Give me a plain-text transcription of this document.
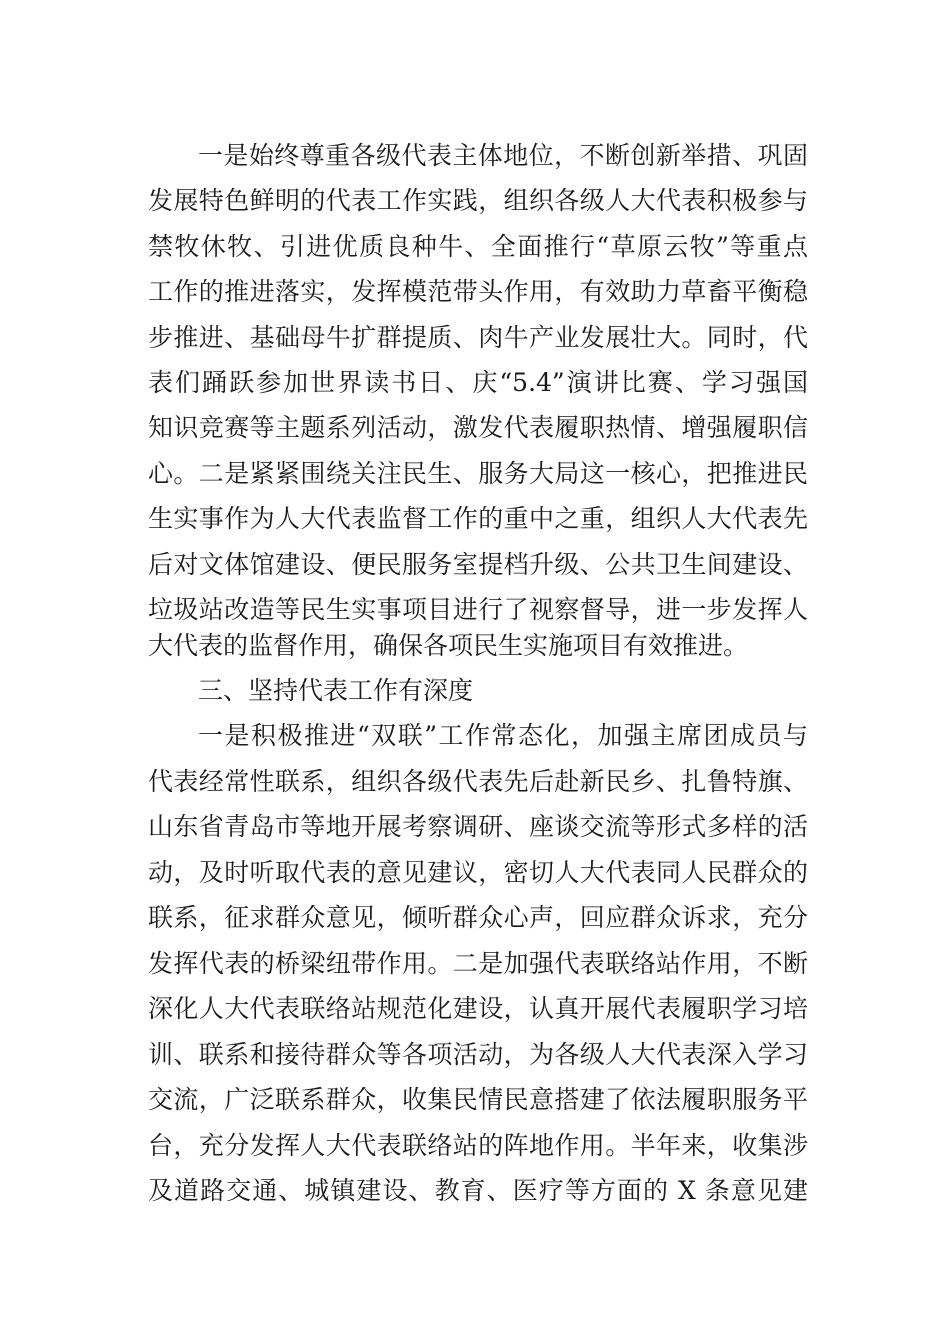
一是始终尊重各级代表主体地位，不断创新举措、巩固
发展特色鲜明的代表工作实践，组织各级人大代表积极参与
禁牧休牧、引进优质良种牛、全面推行“草原云牧”等重点
工作的推进落实，发挥模范带头作用，有效助力草畜平衡稳
步推进、基础母牛扩群提质、肉牛产业发展壮大。同时，代
表们踊跃参加世界读书日、庆“5.4”演讲比赛、学习强国
知识竞赛等主题系列活动，激发代表履职热情、增强履职信
心。二是紧紧围绕关注民生、服务大局这一核心，把推进民
生实事作为人大代表监督工作的重中之重，组织人大代表先
后对文体馆建设、便民服务室提档升级、公共卫生间建设、
垃圾站改造等民生实事项目进行了视察督导，进一步发挥人
大代表的监督作用，确保各项民生实施项目有效推进。
三、坚持代表工作有深度
一是积极推进“双联”工作常态化，加强主席团成员与
代表经常性联系，组织各级代表先后赴新民乡、扎鲁特旗、
山东省青岛市等地开展考察调研、座谈交流等形式多样的活
动，及时听取代表的意见建议，密切人大代表同人民群众的
联系，征求群众意见，倾听群众心声，回应群众诉求，充分
发挥代表的桥梁纽带作用。二是加强代表联络站作用，不断
深化人大代表联络站规范化建设，认真开展代表履职学习培
训、联系和接待群众等各项活动，为各级人大代表深入学习
交流，广泛联系群众，收集民情民意搭建了依法履职服务平
台，充分发挥人大代表联络站的阵地作用。半年来，收集涉
及道路交通、城镇建设、教育、医疗等方面的 X 条意见建
